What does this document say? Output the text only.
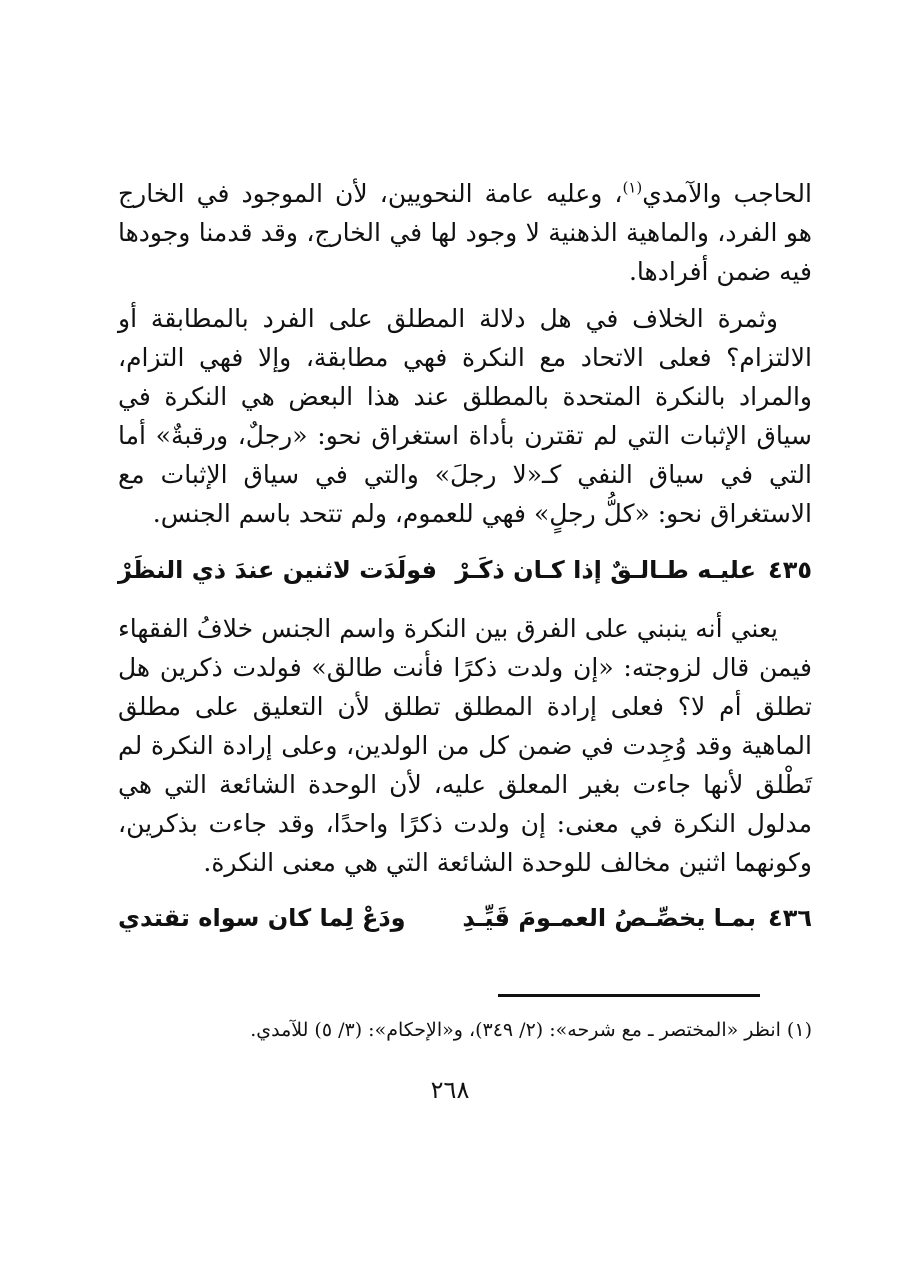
الحاجب والآمدي$^{(١)}$، وعليه عامة النحويين، لأن الموجود في الخارج هو الفرد، والماهية الذهنية لا وجود لها في الخارج، وقد قدمنا وجودها فيه ضمن أفرادها.

وثمرة الخلاف في هل دلالة المطلق على الفرد بالمطابقة أو الالتزام؟ فعلى الاتحاد مع النكرة فهي مطابقة، وإلا فهي التزام، والمراد بالنكرة المتحدة بالمطلق عند هذا البعض هي النكرة في سياق الإثبات التي لم تقترن بأداة استغراق نحو: «رجلٌ، ورقبةٌ» أما التي في سياق النفي كـ«لا رجلَ» والتي في سياق الإثبات مع الاستغراق نحو: «كلُّ رجلٍ» فهي للعموم، ولم تتحد باسم الجنس.

٤٣٥
عليـه طـالـقٌ إذا كـان ذكَـرْ
فولَدَت لاثنين عندَ ذي النظَرْ

يعني أنه ينبني على الفرق بين النكرة واسم الجنس خلافُ الفقهاء فيمن قال لزوجته: «إن ولدت ذكرًا فأنت طالق» فولدت ذكرين هل تطلق أم لا؟ فعلى إرادة المطلق تطلق لأن التعليق على مطلق الماهية وقد وُجِدت في ضمن كل من الولدين، وعلى إرادة النكرة لم تَطْلق لأنها جاءت بغير المعلق عليه، لأن الوحدة الشائعة التي هي مدلول النكرة في معنى: إن ولدت ذكرًا واحدًا، وقد جاءت بذكرين، وكونهما اثنين مخالف للوحدة الشائعة التي هي معنى النكرة.

٤٣٦
بمـا يخصِّـصُ العمـومَ قَيِّـدِ
ودَعْ لِما كان سواه تقتدي
(١) انظر «المختصر ـ مع شرحه»: (٢/ ٣٤٩)، و«الإحكام»: (٣/ ٥) للآمدي.
٢٦٨
